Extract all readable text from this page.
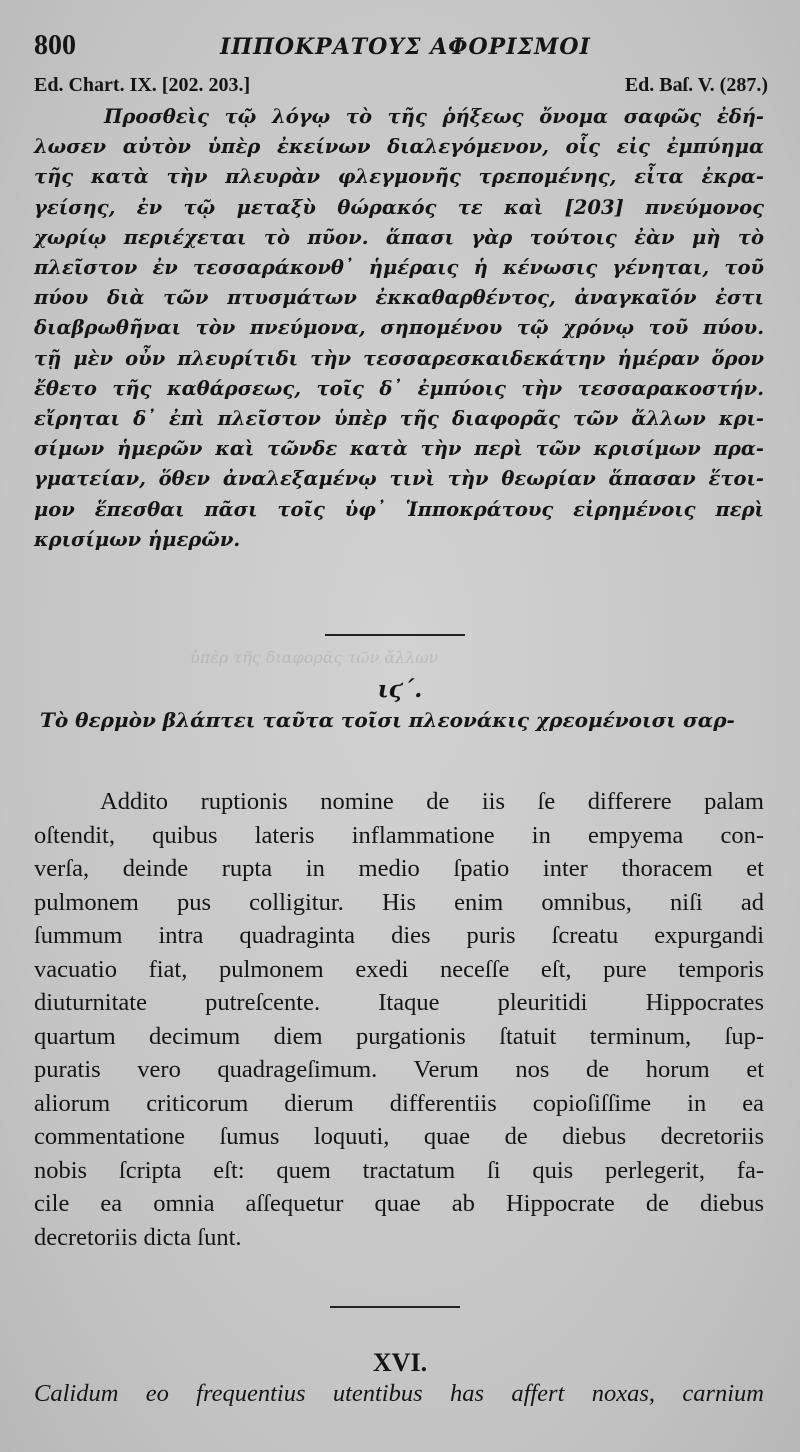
ὑπὲρ τῆς διαφορᾶς τῶν ἄλλων
800	ΙΠΠΟΚΡΑΤΟΥΣ ΑΦΟΡΙΣΜΟΙ
Ed. Chart. IX. [202. 203.]	Ed. Baſ. V. (287.)
Προσθεὶς τῷ λόγῳ τὸ τῆς ῥήξεως ὄνομα σαφῶς ἐδή-
λωσεν αὐτὸν ὑπὲρ ἐκείνων διαλεγόμενον, οἷς εἰς ἐμπύημα
τῆς κατὰ τὴν πλευρὰν φλεγμονῆς τρεπομένης, εἶτα ἐκρα-
γείσης, ἐν τῷ μεταξὺ θώρακός τε καὶ [203] πνεύμονος
χωρίῳ περιέχεται τὸ πῦον. ἅπασι γὰρ τούτοις ἐὰν μὴ τὸ
πλεῖστον ἐν τεσσαράκονθ᾽ ἡμέραις ἡ κένωσις γένηται, τοῦ
πύου διὰ τῶν πτυσμάτων ἐκκαθαρθέντος, ἀναγκαῖόν ἐστι
διαβρωθῆναι τὸν πνεύμονα, σηπομένου τῷ χρόνῳ τοῦ πύου.
τῇ μὲν οὖν πλευρίτιδι τὴν τεσσαρεσκαιδεκάτην ἡμέραν ὅρον
ἔθετο τῆς καθάρσεως, τοῖς δ᾽ ἐμπύοις τὴν τεσσαρακοστήν.
εἴρηται δ᾽ ἐπὶ πλεῖστον ὑπὲρ τῆς διαφορᾶς τῶν ἄλλων κρι-
σίμων ἡμερῶν καὶ τῶνδε κατὰ τὴν περὶ τῶν κρισίμων πρα-
γματείαν, ὅθεν ἀναλεξαμένῳ τινὶ τὴν θεωρίαν ἅπασαν ἕτοι-
μον ἕπεσθαι πᾶσι τοῖς ὑφ᾽ Ἱπποκράτους εἰρημένοις περὶ
κρισίμων ἡμερῶν.
ιϛ΄.
Τὸ θερμὸν βλάπτει ταῦτα τοῖσι πλεονάκις χρεομένοισι σαρ-
Addito ruptionis nomine de iis ſe differere palam
oſtendit, quibus lateris inflammatione in empyema con-
verſa, deinde rupta in medio ſpatio inter thoracem et
pulmonem pus colligitur. His enim omnibus, niſi ad
ſummum intra quadraginta dies puris ſcreatu expurgandi
vacuatio fiat, pulmonem exedi neceſſe eſt, pure temporis
diuturnitate putreſcente. Itaque pleuritidi Hippocrates
quartum decimum diem purgationis ſtatuit terminum, ſup-
puratis vero quadrageſimum. Verum nos de horum et
aliorum criticorum dierum differentiis copioſiſſime in ea
commentatione ſumus loquuti, quae de diebus decretoriis
nobis ſcripta eſt: quem tractatum ſi quis perlegerit, fa-
cile ea omnia aſſequetur quae ab Hippocrate de diebus
decretoriis dicta ſunt.
XVI.
Calidum eo frequentius utentibus has affert noxas, carnium
